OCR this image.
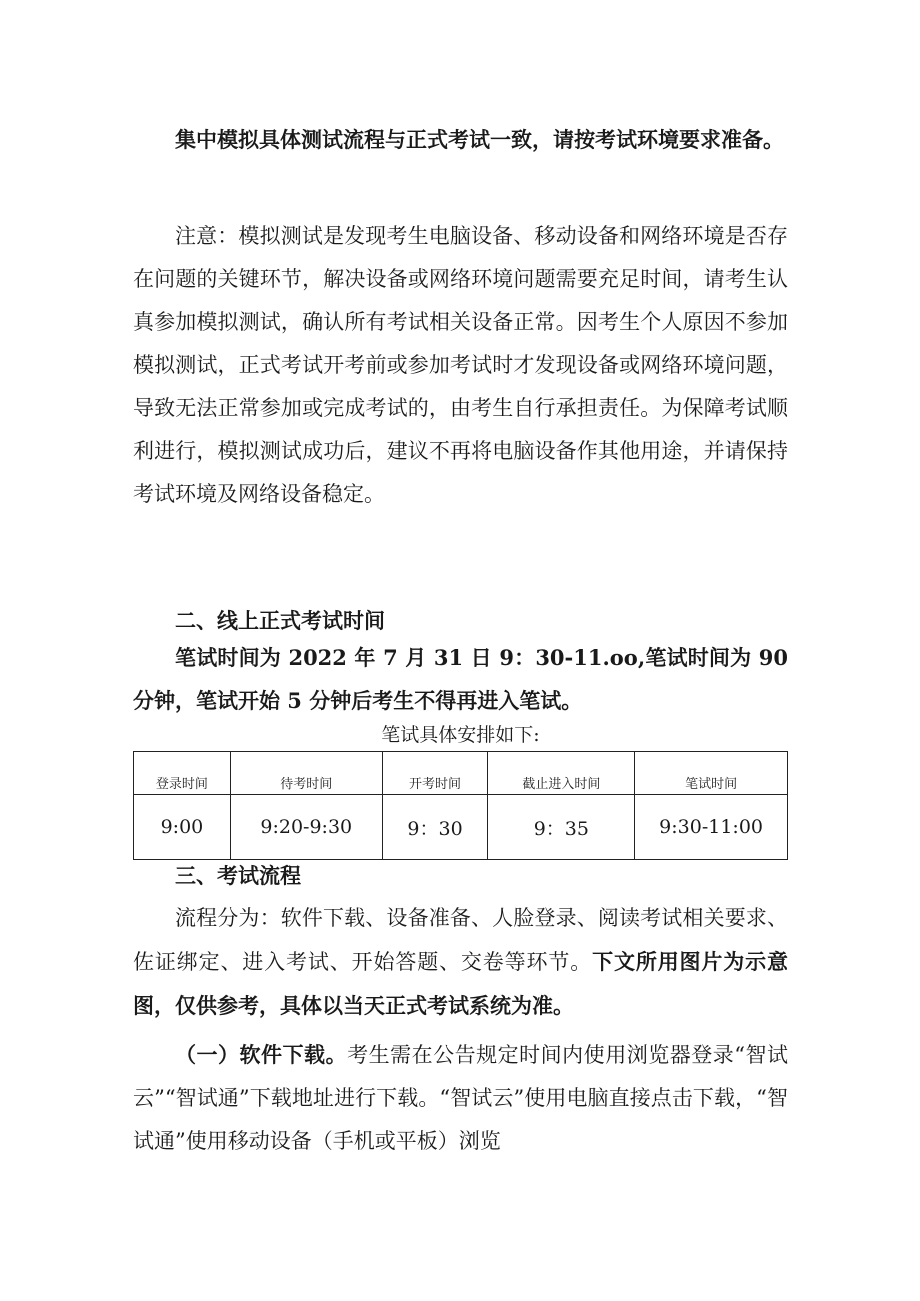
集中模拟具体测试流程与正式考试一致，请按考试环境要求准备。

注意：模拟测试是发现考生电脑设备、移动设备和网络环境是否存在问题的关键环节，解决设备或网络环境问题需要充足时间，请考生认真参加模拟测试，确认所有考试相关设备正常。因考生个人原因不参加模拟测试，正式考试开考前或参加考试时才发现设备或网络环境问题，导致无法正常参加或完成考试的，由考生自行承担责任。为保障考试顺利进行，模拟测试成功后，建议不再将电脑设备作其他用途，并请保持考试环境及网络设备稳定。

二、线上正式考试时间

笔试时间为 2022 年 7 月 31 日 9：30-11.oo,笔试时间为 90 分钟，笔试开始 5 分钟后考生不得再进入笔试。

笔试具体安排如下:
登录时间	待考时间	开考时间	截止进入时间	笔试时间
9:00	9:20-9:30	9：30	9：35	9:30-11:00

三、考试流程

流程分为：软件下载、设备准备、人脸登录、阅读考试相关要求、佐证绑定、进入考试、开始答题、交卷等环节。下文所用图片为示意图，仅供参考，具体以当天正式考试系统为准。

（一）软件下载。考生需在公告规定时间内使用浏览器登录“智试云”“智试通”下载地址进行下载。“智试云”使用电脑直接点击下载，“智试通”使用移动设备（手机或平板）浏览
